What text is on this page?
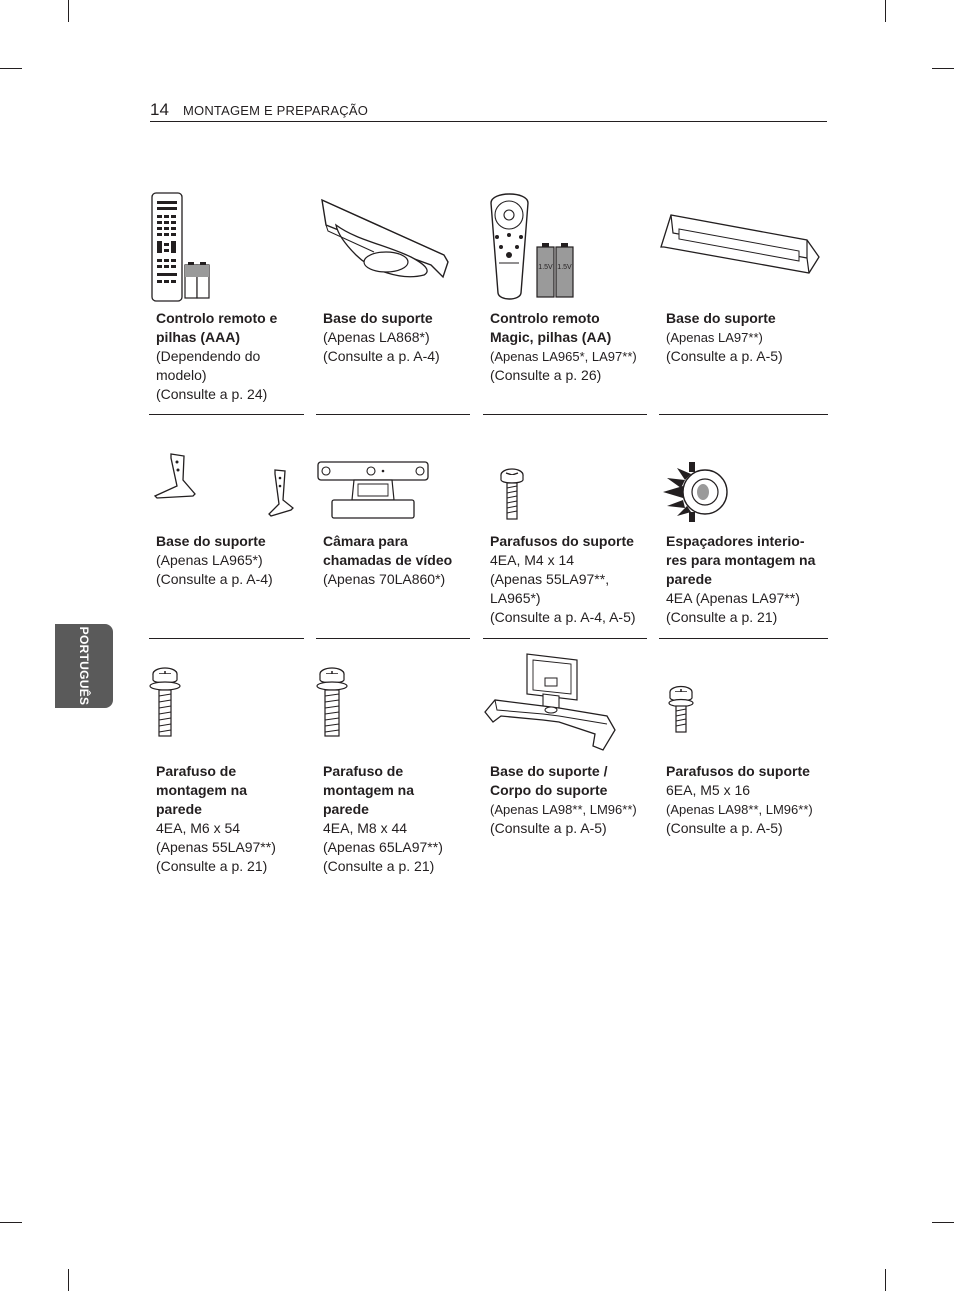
14 MONTAGEM E PREPARAÇÃO
PORTUGUÊS
Controlo remoto e
pilhas (AAA)
(Dependendo do
modelo)
(Consulte a p. 24)
Base do suporte
(Apenas LA868*)
(Consulte a p. A-4)
1.5V 1.5V
Controlo remoto
Magic, pilhas (AA)
(Apenas LA965*, LA97**)
(Consulte a p. 26)
Base do suporte
(Apenas LA97**)
(Consulte a p. A-5)
Base do suporte
(Apenas LA965*)
(Consulte a p. A-4)
Câmara para
chamadas de vídeo
(Apenas 70LA860*)
Parafusos do suporte
4EA, M4 x 14
(Apenas 55LA97**,
LA965*)
(Consulte a p. A-4, A-5)
Espaçadores interio-
res para montagem na
parede
4EA (Apenas LA97**)
(Consulte a p. 21)
Parafuso de
montagem na
parede
4EA, M6 x 54
(Apenas 55LA97**)
(Consulte a p. 21)
Parafuso de
montagem na
parede
4EA, M8 x 44
(Apenas 65LA97**)
(Consulte a p. 21)
Base do suporte /
Corpo do suporte
(Apenas LA98**, LM96**)
(Consulte a p. A-5)
Parafusos do suporte
6EA, M5 x 16
(Apenas LA98**, LM96**)
(Consulte a p. A-5)
